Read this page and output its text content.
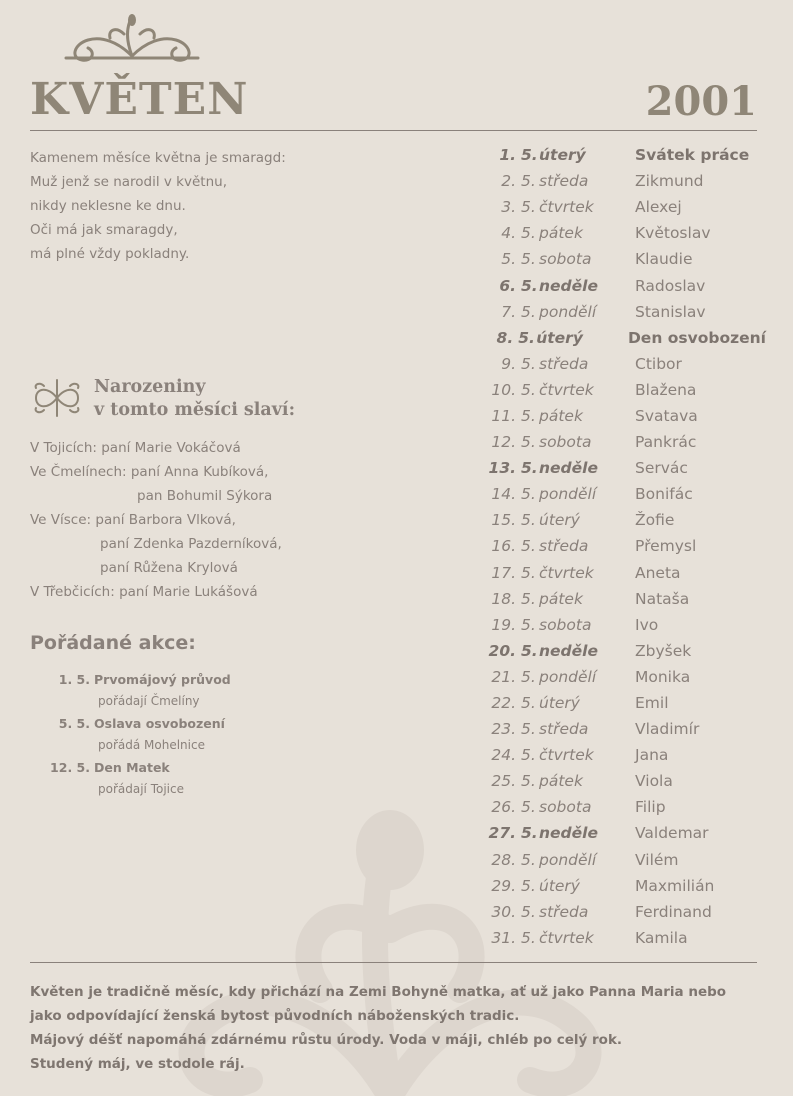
KVĚTEN	2001
Kamenem měsíce května je smaragd:
Muž jenž se narodil v květnu,
nikdy neklesne ke dnu.
Oči má jak smaragdy,
má plné vždy pokladny.
Narozeniny
v tomto měsíci slaví:
V Tojicích: paní Marie Vokáčová
Ve Čmelínech: paní Anna Kubíková,
pan Bohumil Sýkora
Ve Vísce: paní Barbora Vlková,
paní Zdenka Pazderníková,
paní Růžena Krylová
V Třebčicích: paní Marie Lukášová
Pořádané akce:
1. 5. Prvomájový průvod
pořádají Čmelíny
5. 5. Oslava osvobození
pořádá Mohelnice
12. 5. Den Matek
pořádají Tojice
1. 5. úterý	Svátek práce
2. 5. středa	Zikmund
3. 5. čtvrtek	Alexej
4. 5. pátek	Květoslav
5. 5. sobota	Klaudie
6. 5. neděle	Radoslav
7. 5. pondělí	Stanislav
8. 5. úterý	Den osvobození
9. 5. středa	Ctibor
10. 5. čtvrtek	Blažena
11. 5. pátek	Svatava
12. 5. sobota	Pankrác
13. 5. neděle	Servác
14. 5. pondělí	Bonifác
15. 5. úterý	Žofie
16. 5. středa	Přemysl
17. 5. čtvrtek	Aneta
18. 5. pátek	Nataša
19. 5. sobota	Ivo
20. 5. neděle	Zbyšek
21. 5. pondělí	Monika
22. 5. úterý	Emil
23. 5. středa	Vladimír
24. 5. čtvrtek	Jana
25. 5. pátek	Viola
26. 5. sobota	Filip
27. 5. neděle	Valdemar
28. 5. pondělí	Vilém
29. 5. úterý	Maxmilián
30. 5. středa	Ferdinand
31. 5. čtvrtek	Kamila
Květen je tradičně měsíc, kdy přichází na Zemi Bohyně matka, ať už jako Panna Maria nebo
jako odpovídající ženská bytost původních náboženských tradic.
Májový déšť napomáhá zdárnému růstu úrody. Voda v máji, chléb po celý rok.
Studený máj, ve stodole ráj.
